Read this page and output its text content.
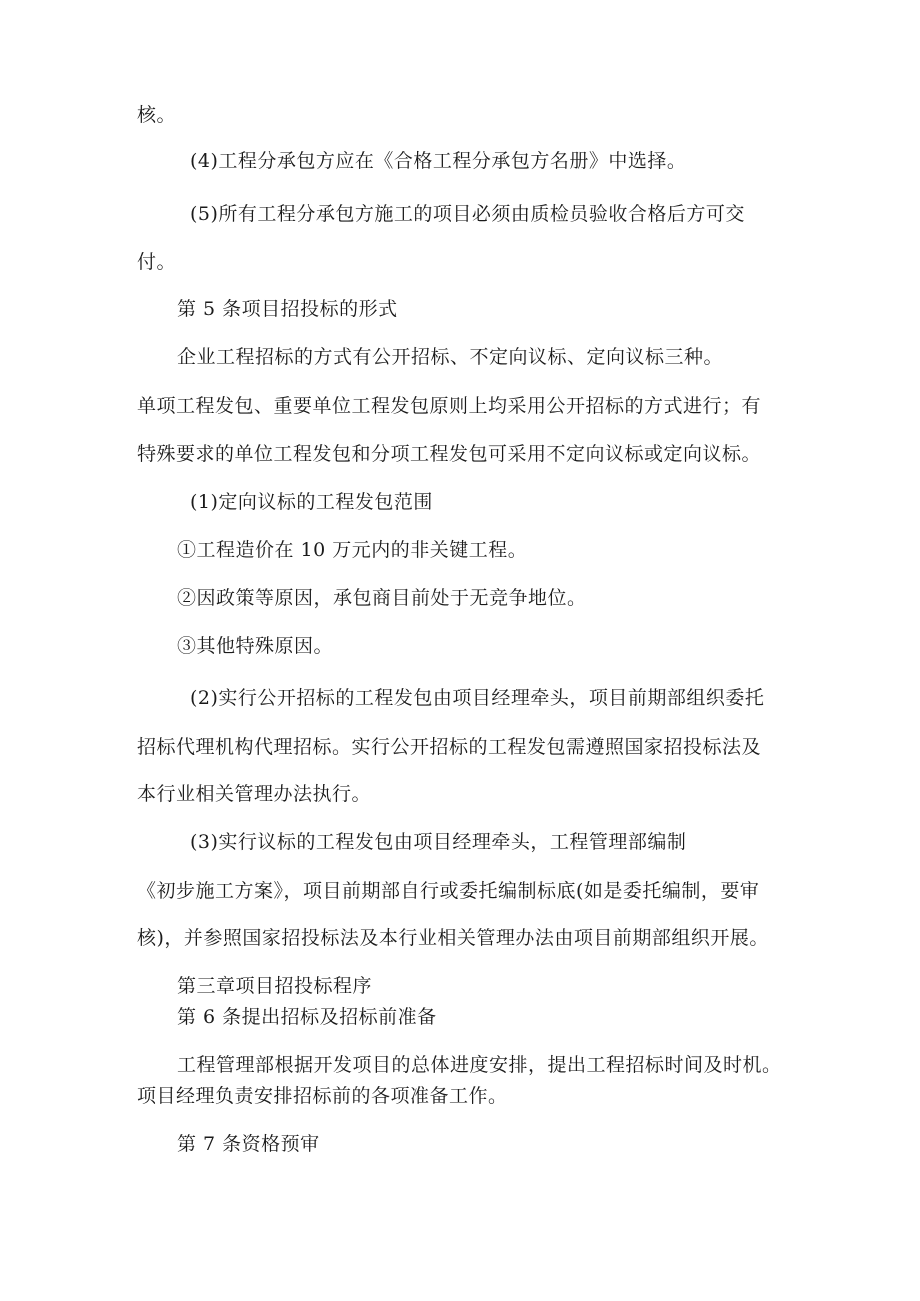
核。

(4)工程分承包方应在《合格工程分承包方名册》中选择。

(5)所有工程分承包方施工的项目必须由质检员验收合格后方可交

付。

第 5 条项目招投标的形式

企业工程招标的方式有公开招标、不定向议标、定向议标三种。

单项工程发包、重要单位工程发包原则上均采用公开招标的方式进行；有

特殊要求的单位工程发包和分项工程发包可采用不定向议标或定向议标。

(1)定向议标的工程发包范围

①工程造价在 10 万元内的非关键工程。

②因政策等原因，承包商目前处于无竞争地位。

③其他特殊原因。

(2)实行公开招标的工程发包由项目经理牵头，项目前期部组织委托

招标代理机构代理招标。实行公开招标的工程发包需遵照国家招投标法及

本行业相关管理办法执行。

(3)实行议标的工程发包由项目经理牵头，工程管理部编制

《初步施工方案》，项目前期部自行或委托编制标底(如是委托编制，要审

核)，并参照国家招投标法及本行业相关管理办法由项目前期部组织开展。

第三章项目招投标程序

第 6 条提出招标及招标前准备

工程管理部根据开发项目的总体进度安排，提出工程招标时间及时机。

项目经理负责安排招标前的各项准备工作。

第 7 条资格预审
